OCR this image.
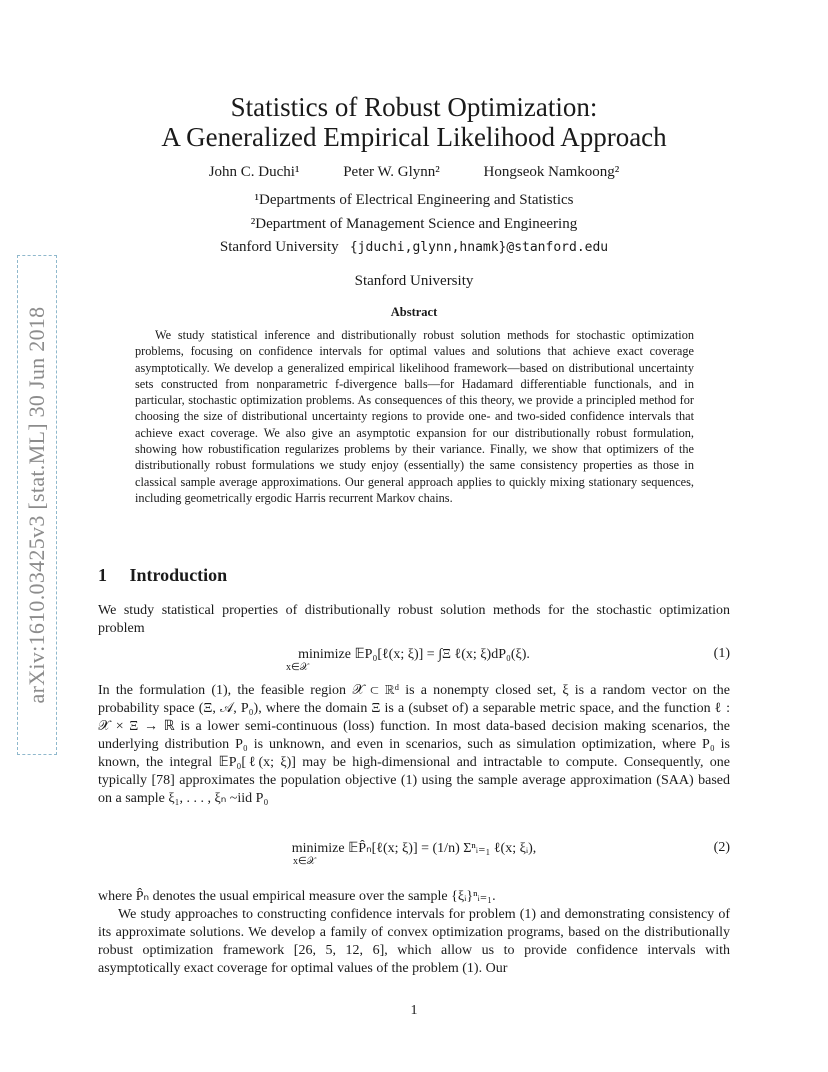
arXiv:1610.03425v3 [stat.ML] 30 Jun 2018
Statistics of Robust Optimization:
A Generalized Empirical Likelihood Approach
John C. Duchi¹	Peter W. Glynn²	Hongseok Namkoong²
¹Departments of Electrical Engineering and Statistics
²Department of Management Science and Engineering
Stanford University {jduchi,glynn,hnamk}@stanford.edu
Stanford University
Abstract

We study statistical inference and distributionally robust solution methods for stochastic optimization problems, focusing on confidence intervals for optimal values and solutions that achieve exact coverage asymptotically. We develop a generalized empirical likelihood framework—based on distributional uncertainty sets constructed from nonparametric f-divergence balls—for Hadamard differentiable functionals, and in particular, stochastic optimization problems. As consequences of this theory, we provide a principled method for choosing the size of distributional uncertainty regions to provide one- and two-sided confidence intervals that achieve exact coverage. We also give an asymptotic expansion for our distributionally robust formulation, showing how robustification regularizes problems by their variance. Finally, we show that optimizers of the distributionally robust formulations we study enjoy (essentially) the same consistency properties as those in classical sample average approximations. Our general approach applies to quickly mixing stationary sequences, including geometrically ergodic Harris recurrent Markov chains.

1 Introduction

We study statistical properties of distributionally robust solution methods for the stochastic optimization problem

minimize 𝔼P₀[ℓ(x; ξ)] = ∫Ξ ℓ(x; ξ)dP₀(ξ).
x∈𝒳
(1)

In the formulation (1), the feasible region 𝒳 ⊂ ℝᵈ is a nonempty closed set, ξ is a random vector on the probability space (Ξ, 𝒜, P₀), where the domain Ξ is a (subset of) a separable metric space, and the function ℓ : 𝒳 × Ξ → ℝ is a lower semi-continuous (loss) function. In most data-based decision making scenarios, the underlying distribution P₀ is unknown, and even in scenarios, such as simulation optimization, where P₀ is known, the integral 𝔼P₀[ℓ(x; ξ)] may be high-dimensional and intractable to compute. Consequently, one typically [78] approximates the population objective (1) using the sample average approximation (SAA) based on a sample ξ₁, . . . , ξₙ ~iid P₀

minimize 𝔼P̂ₙ[ℓ(x; ξ)] = (1/n) Σⁿᵢ₌₁ ℓ(x; ξᵢ),
x∈𝒳
(2)

where P̂ₙ denotes the usual empirical measure over the sample {ξᵢ}ⁿᵢ₌₁.

We study approaches to constructing confidence intervals for problem (1) and demonstrating consistency of its approximate solutions. We develop a family of convex optimization programs, based on the distributionally robust optimization framework [26, 5, 12, 6], which allow us to provide confidence intervals with asymptotically exact coverage for optimal values of the problem (1). Our

1
